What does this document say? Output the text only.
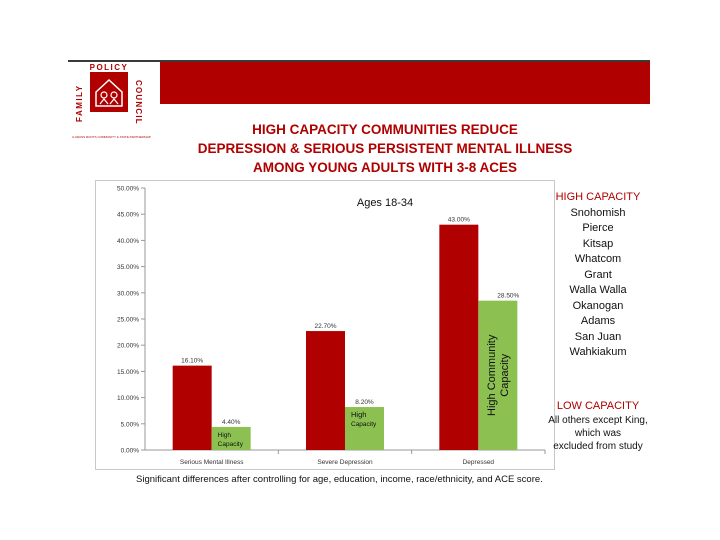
POLICY
FAMILY	COUNCIL
A GRASS ROOTS COMMUNITY & STATE PARTNERSHIP	HIGH CAPACITY COMMUNITIES REDUCE
DEPRESSION & SERIOUS PERSISTENT MENTAL ILLNESS
AMONG YOUNG ADULTS WITH 3-8 ACES
0.00%
5.00%
10.00%
15.00%
20.00%
25.00%
30.00%
35.00%
40.00%
45.00%
50.00%
16.10%
4.40%
High
Capacity
Serious Mental Illness
22.70%
8.20%
High
Capacity
Severe Depression
43.00%
28.50%
High Community Capacity
Depressed
Ages 18-34	HIGH CAPACITY
Snohomish
Pierce
Kitsap
Whatcom
Grant
Walla Walla
Okanogan
Adams
San Juan
Wahkiakum
LOW CAPACITY
All others except King,
which was
excluded from study
Significant differences after controlling for age, education, income, race/ethnicity, and ACE score.
